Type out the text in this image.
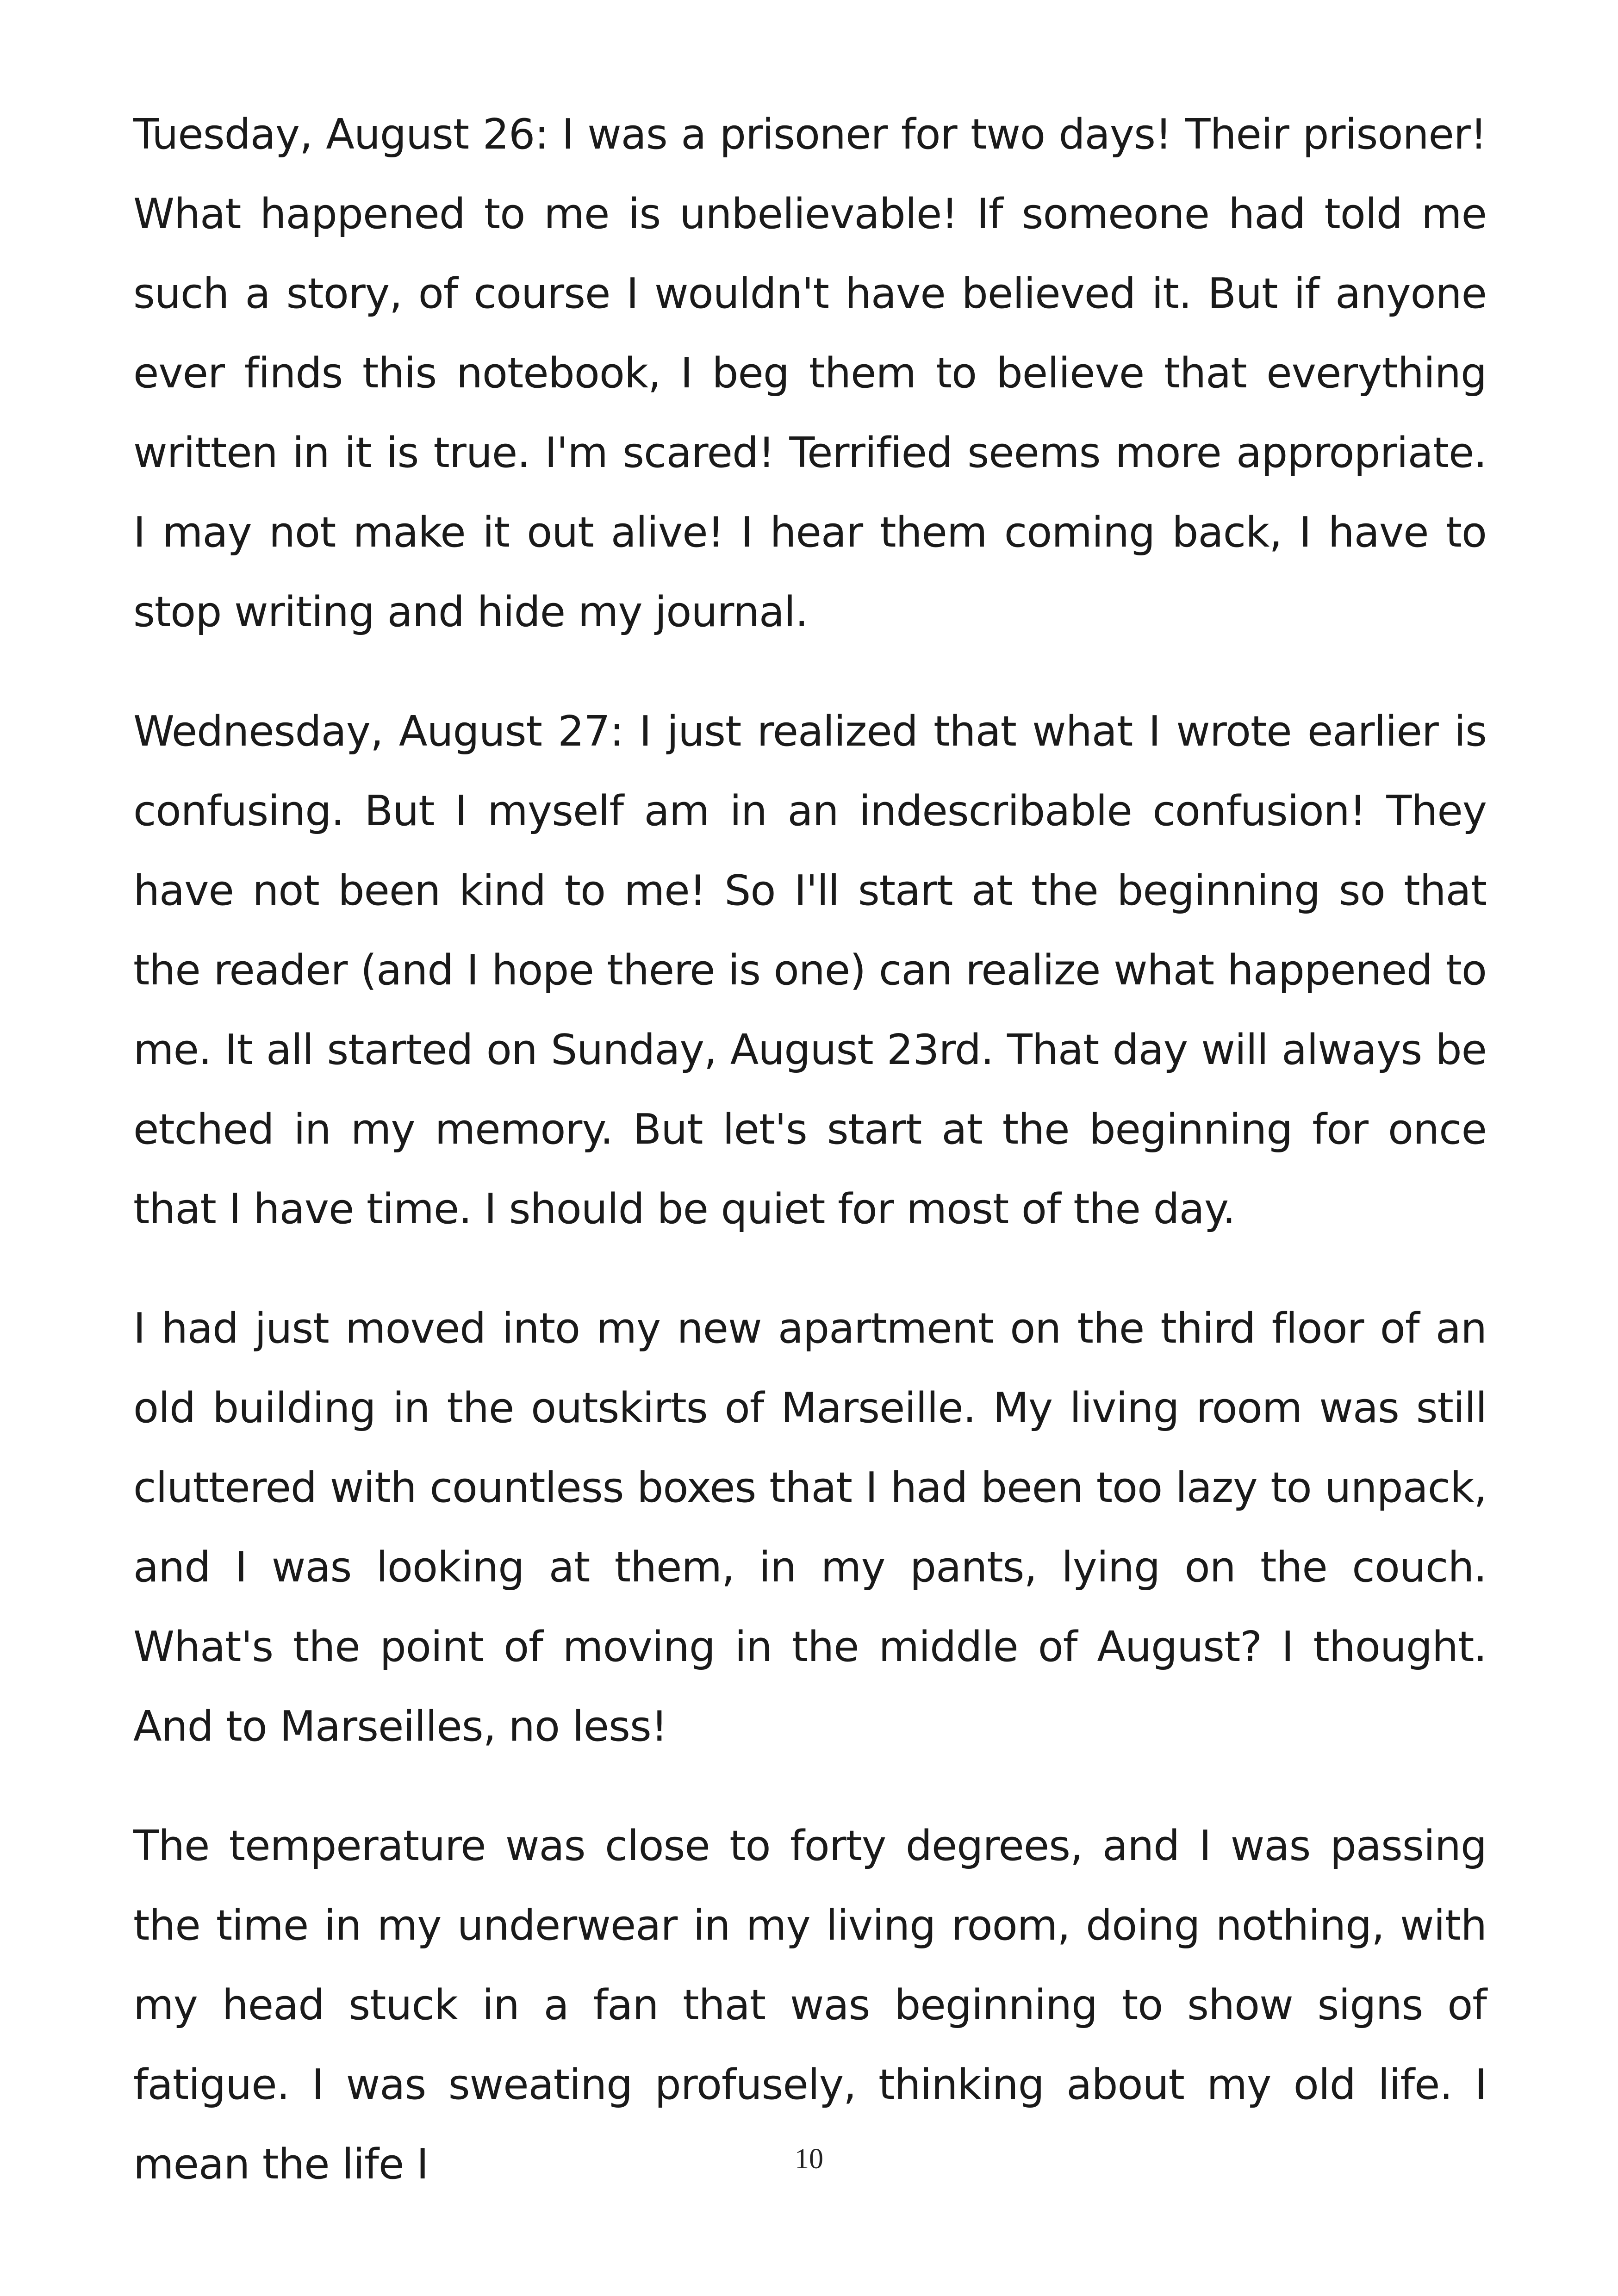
Tuesday, August 26: I was a prisoner for two days! Their prisoner! What happened to me is unbelievable! If someone had told me such a story, of course I wouldn't have believed it. But if anyone ever finds this notebook, I beg them to believe that everything written in it is true. I'm scared! Terrified seems more appropriate. I may not make it out alive! I hear them coming back, I have to stop writing and hide my journal.

Wednesday, August 27: I just realized that what I wrote earlier is confusing. But I myself am in an indescribable confusion! They have not been kind to me! So I'll start at the beginning so that the reader (and I hope there is one) can realize what happened to me. It all started on Sunday, August 23rd. That day will always be etched in my memory. But let's start at the beginning for once that I have time. I should be quiet for most of the day.

I had just moved into my new apartment on the third floor of an old building in the outskirts of Marseille. My living room was still cluttered with countless boxes that I had been too lazy to unpack, and I was looking at them, in my pants, lying on the couch. What's the point of moving in the middle of August? I thought. And to Marseilles, no less!

The temperature was close to forty degrees, and I was passing the time in my underwear in my living room, doing nothing, with my head stuck in a fan that was beginning to show signs of fatigue. I was sweating profusely, thinking about my old life. I mean the life I	10
